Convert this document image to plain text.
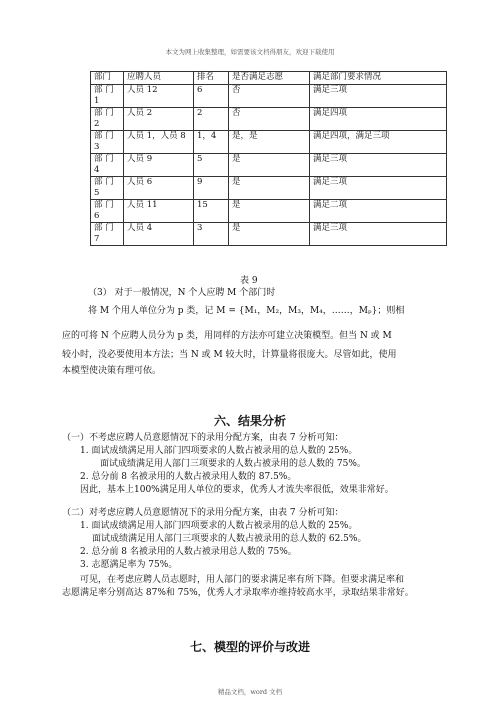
本文为网上收集整理，如需要该文档得朋友，欢迎下载使用
部门	应聘人员	排名	是否满足志愿	满足部门要求情况
部 门 1	人员 12	6	否	满足三项
部 门 2	人员 2	2	否	满足四项
部 门 3	人员 1，人员 8	1，4	是，是	满足四项，满足三项
部 门 4	人员 9	5	是	满足三项
部 门 5	人员 6	9	是	满足三项
部 门 6	人员 11	15	是	满足二项
部 门 7	人员 4	3	是	满足三项
表 9
（3） 对于一般情况，N 个人应聘 M 个部门时
将 M 个用人单位分为 p 类，记 M = {M₁，M₂，M₃，M₄，……，Mₚ}；则相
应的可将 N 个应聘人员分为 p 类，用同样的方法亦可建立决策模型。但当 N 或 M
较小时，没必要使用本方法；当 N 或 M 较大时，计算量将很庞大。尽管如此，使用
本模型使决策有理可依。
六、结果分析
（一）不考虑应聘人员意愿情况下的录用分配方案，由表 7 分析可知：
1. 面试成绩满足用人部门四项要求的人数占被录用的总人数的 25%。
面试成绩满足用人部门三项要求的人数占被录用的总人数的 75%。
2. 总分前 8 名被录用的人数占被录用人数的 87.5%。
因此，基本上100%满足用人单位的要求，优秀人才流失率很低，效果非常好。
（二）对考虑应聘人员意愿情况下的录用分配方案，由表 7 分析可知：
1. 面试成绩满足用人部门四项要求的人数占被录用的总人数的 25%。
面试成绩满足用人部门三项要求的人数占被录用的总人数的 62.5%。
2. 总分前 8 名被录用的人数占被录用总人数的 75%。
3. 志愿满足率为 75%。
可见，在考虑应聘人员志愿时，用人部门的要求满足率有所下降。但要求满足率和
志愿满足率分别高达 87%和 75%，优秀人才录取率亦维持较高水平，录取结果非常好。
七、模型的评价与改进
精品文档，word 文档
